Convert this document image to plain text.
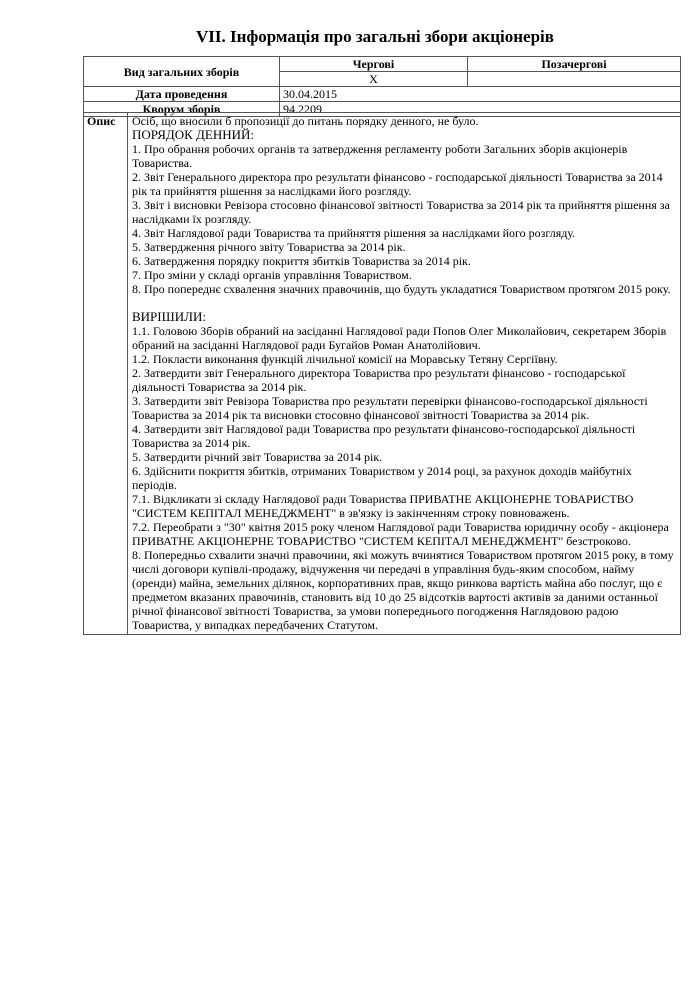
VII. Інформація про загальні збори акціонерів
Вид загальних зборів	Чергові	Позачергові
	X	
Дата проведення	30.04.2015	
Кворум зборів	94.2209	
Опис	Осіб, що вносили б пропозиції до питань порядку денного, не було.
ПОРЯДОК ДЕННИЙ:
1. Про обрання робочих органів та затвердження регламенту роботи Загальних зборів акціонерів Товариства.
2. Звіт Генерального директора про результати фінансово - господарської діяльності Товариства за 2014 рік та прийняття рішення за наслідками його розгляду.
3. Звіт і висновки Ревізора стосовно фінансової звітності Товариства за 2014 рік та прийняття рішення за наслідками їх розгляду.
4. Звіт Наглядової ради Товариства та прийняття рішення за наслідками його розгляду.
5. Затвердження річного звіту Товариства за 2014 рік.
6. Затвердження порядку покриття збитків Товариства за 2014 рік.
7. Про зміни у складі органів управління Товариством.
8. Про попереднє схвалення значних правочинів, що будуть укладатися Товариством протягом 2015 року.
ВИРІШИЛИ:
1.1. Головою Зборів обраний на засіданні Наглядової ради Попов Олег Миколайович, секретарем Зборів обраний на засіданні Наглядової ради Бугайов Роман Анатолійович.
1.2. Покласти виконання функцій лічильної комісії на Моравську Тетяну Сергіївну.
2. Затвердити звіт Генерального директора Товариства про результати фінансово - господарської діяльності Товариства за 2014 рік.
3. Затвердити звіт Ревізора Товариства про результати перевірки фінансово-господарської діяльності Товариства за 2014 рік та висновки стосовно фінансової звітності Товариства за 2014 рік.
4. Затвердити звіт Наглядової ради Товариства про результати фінансово-господарської діяльності Товариства за 2014 рік.
5. Затвердити річний звіт Товариства за 2014 рік.
6. Здійснити покриття збитків, отриманих Товариством у 2014 році, за рахунок доходів майбутніх періодів.
7.1. Відкликати зі складу Наглядової ради Товариства ПРИВАТНЕ АКЦІОНЕРНЕ ТОВАРИСТВО "СИСТЕМ КЕПІТАЛ МЕНЕДЖМЕНТ" в зв'язку із закінченням строку повноважень.
7.2. Переобрати з "30" квітня 2015 року членом Наглядової ради Товариства юридичну особу - акціонера ПРИВАТНЕ АКЦІОНЕРНЕ ТОВАРИСТВО "СИСТЕМ КЕПІТАЛ МЕНЕДЖМЕНТ" безстроково.
8. Попередньо схвалити значні правочини, які можуть вчинятися Товариством протягом 2015 року, в тому числі договори купівлі-продажу, відчуження чи передачі в управління будь-яким способом, найму (оренди) майна, земельних ділянок, корпоративних прав, якщо ринкова вартість майна або послуг, що є предметом вказаних правочинів, становить від 10 до 25 відсотків вартості активів за даними останньої річної фінансової звітності Товариства, за умови попереднього погодження Наглядовою радою Товариства, у випадках передбачених Статутом.
